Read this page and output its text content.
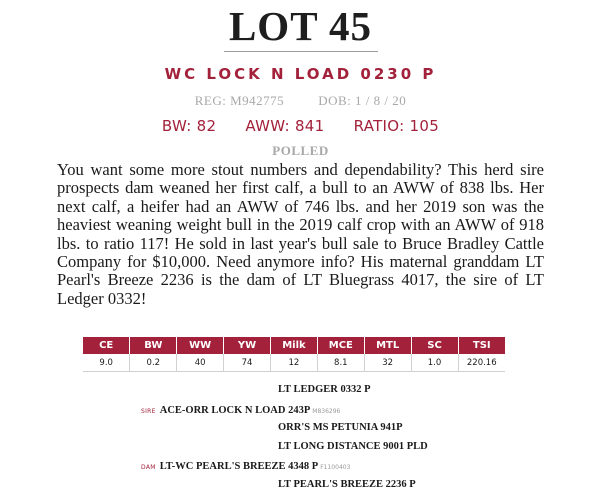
LOT 45
WC LOCK N LOAD 0230 P
REG: M942775	DOB: 1 / 8 / 20
BW: 82 AWW: 841 RATIO: 105
POLLED
You want some more stout numbers and dependability? This herd sire prospects dam weaned her first calf, a bull to an AWW of 838 lbs. Her next calf, a heifer had an AWW of 746 lbs. and her 2019 son was the heaviest weaning weight bull in the 2019 calf crop with an AWW of 918 lbs. to ratio 117! He sold in last year's bull sale to Bruce Bradley Cattle Company for $10,000. Need anymore info? His maternal granddam LT Pearl's Breeze 2236 is the dam of LT Bluegrass 4017, the sire of LT Ledger 0332!
CE	BW	WW	YW	Milk	MCE	MTL	SC	TSI
9.0	0.2	40	74	12	8.1	32	1.0	220.16
LT LEDGER 0332 P
SIRE ACE-ORR LOCK N LOAD 243P M836296
ORR'S MS PETUNIA 941P
LT LONG DISTANCE 9001 PLD
DAM LT-WC PEARL'S BREEZE 4348 P F1100403
LT PEARL'S BREEZE 2236 P
